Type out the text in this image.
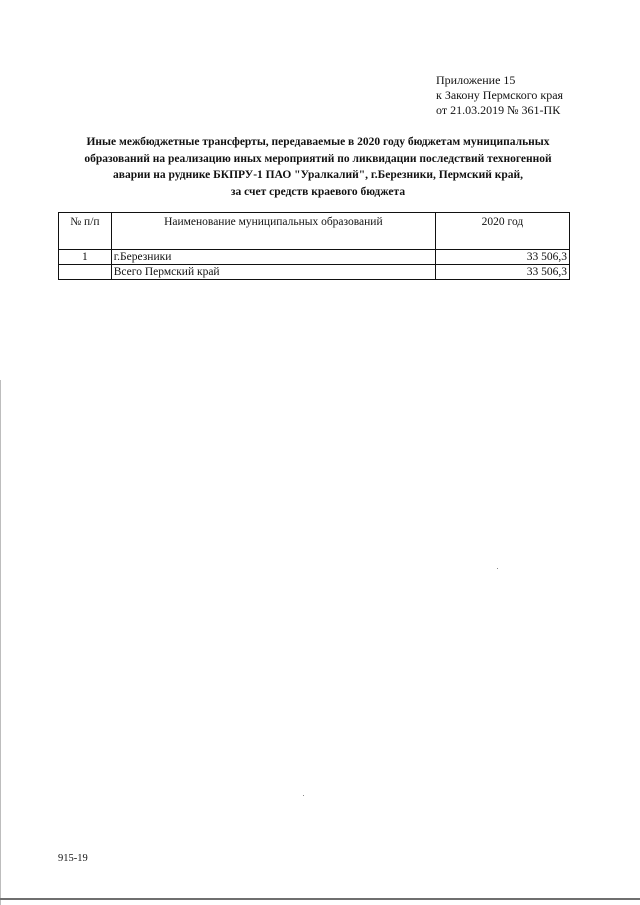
Приложение 15
к Закону Пермского края
от 21.03.2019 № 361-ПК
Иные межбюджетные трансферты, передаваемые в 2020 году бюджетам муниципальных
образований на реализацию иных мероприятий по ликвидации последствий техногенной
аварии на руднике БКПРУ-1 ПАО "Уралкалий", г.Березники, Пермский край,
за счет средств краевого бюджета
№ п/п	Наименование муниципальных образований	2020 год
1	г.Березники	33 506,3
	Всего Пермский край	33 506,3
915-19
